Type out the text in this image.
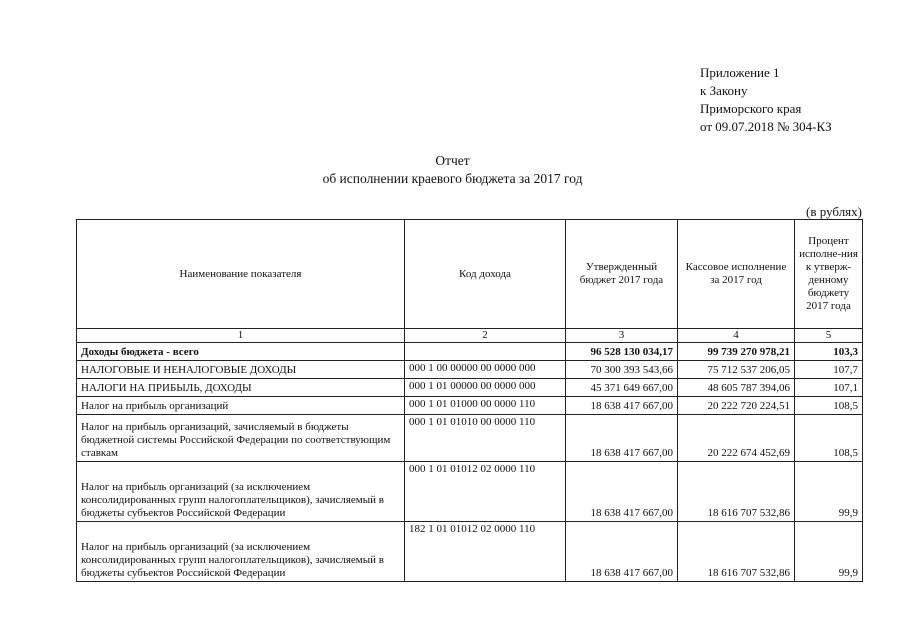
Приложение 1
к Закону
Приморского края
от 09.07.2018 № 304-КЗ
Отчет
об исполнении краевого бюджета за 2017 год
(в рублях)
Наименование показателя	Код дохода	Утвержденный бюджет 2017 года	Кассовое исполнение за 2017 год	Процент исполне-ния к утверж-денному бюджету 2017 года
1	2	3	4	5
Доходы бюджета - всего		96 528 130 034,17	99 739 270 978,21	103,3
НАЛОГОВЫЕ И НЕНАЛОГОВЫЕ ДОХОДЫ	000 1 00 00000 00 0000 000	70 300 393 543,66	75 712 537 206,05	107,7
НАЛОГИ НА ПРИБЫЛЬ, ДОХОДЫ	000 1 01 00000 00 0000 000	45 371 649 667,00	48 605 787 394,06	107,1
Налог на прибыль организаций	000 1 01 01000 00 0000 110	18 638 417 667,00	20 222 720 224,51	108,5
Налог на прибыль организаций, зачисляемый в бюджеты бюджетной системы Российской Федерации по соответствующим ставкам	000 1 01 01010 00 0000 110	18 638 417 667,00	20 222 674 452,69	108,5
Налог на прибыль организаций (за исключением консолидированных групп налогоплательщиков), зачисляемый в бюджеты субъектов Российской Федерации	000 1 01 01012 02 0000 110	18 638 417 667,00	18 616 707 532,86	99,9
Налог на прибыль организаций (за исключением консолидированных групп налогоплательщиков), зачисляемый в бюджеты субъектов Российской Федерации	182 1 01 01012 02 0000 110	18 638 417 667,00	18 616 707 532,86	99,9
